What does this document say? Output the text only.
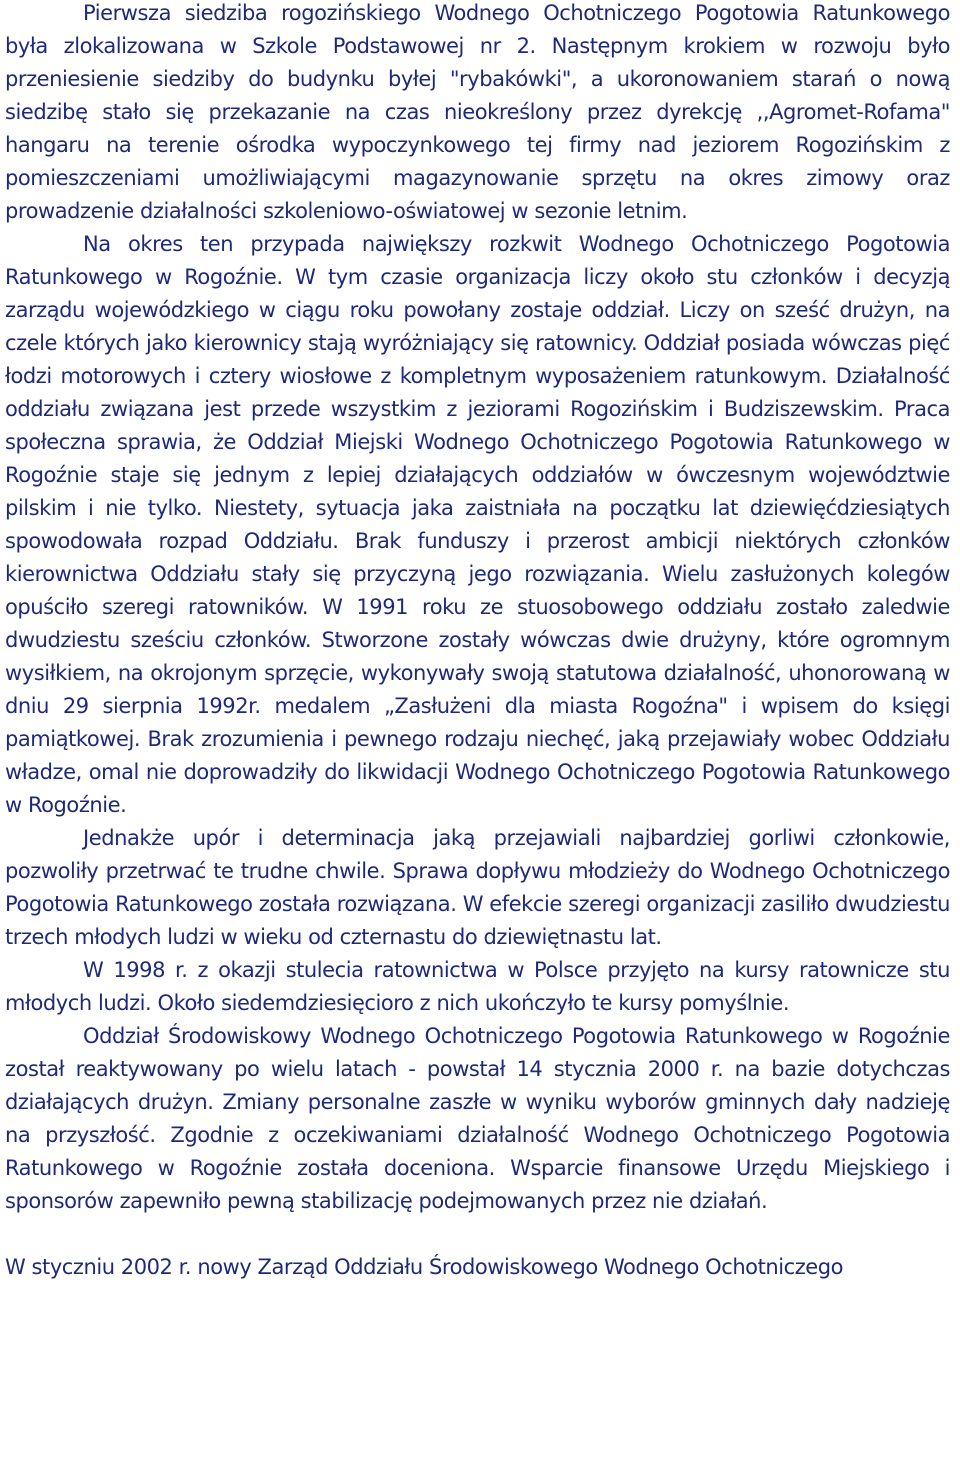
Pierwsza siedziba rogozińskiego Wodnego Ochotniczego Pogotowia Ratunkowego była zlokalizowana w Szkole Podstawowej nr 2. Następnym krokiem w rozwoju było przeniesienie siedziby do budynku byłej "rybakówki", a ukoronowaniem starań o nową siedzibę stało się przekazanie na czas nieokreślony przez dyrekcję ,,Agromet-Rofama" hangaru na terenie ośrodka wypoczynkowego tej firmy nad jeziorem Rogozińskim z pomieszczeniami umożliwiającymi magazynowanie sprzętu na okres zimowy oraz prowadzenie działalności szkoleniowo-oświatowej w sezonie letnim.

Na okres ten przypada największy rozkwit Wodnego Ochotniczego Pogotowia Ratunkowego w Rogoźnie. W tym czasie organizacja liczy około stu członków i decyzją zarządu wojewódzkiego w ciągu roku powołany zostaje oddział. Liczy on sześć drużyn, na czele których jako kierownicy stają wyróżniający się ratownicy. Oddział posiada wówczas pięć łodzi motorowych i cztery wiosłowe z kompletnym wyposażeniem ratunkowym. Działalność oddziału związana jest przede wszystkim z jeziorami Rogozińskim i Budziszewskim. Praca społeczna sprawia, że Oddział Miejski Wodnego Ochotniczego Pogotowia Ratunkowego w Rogoźnie staje się jednym z lepiej działających oddziałów w ówczesnym województwie pilskim i nie tylko. Niestety, sytuacja jaka zaistniała na początku lat dziewięćdziesiątych spowodowała rozpad Oddziału. Brak funduszy i przerost ambicji niektórych członków kierownictwa Oddziału stały się przyczyną jego rozwiązania. Wielu zasłużonych kolegów opuściło szeregi ratowników. W 1991 roku ze stuosobowego oddziału zostało zaledwie dwudziestu sześciu członków. Stworzone zostały wówczas dwie drużyny, które ogromnym wysiłkiem, na okrojonym sprzęcie, wykonywały swoją statutowa działalność, uhonorowaną w dniu 29 sierpnia 1992r. medalem „Zasłużeni dla miasta Rogoźna" i wpisem do księgi pamiątkowej. Brak zrozumienia i pewnego rodzaju niechęć, jaką przejawiały wobec Oddziału władze, omal nie doprowadziły do likwidacji Wodnego Ochotniczego Pogotowia Ratunkowego w Rogoźnie.

Jednakże upór i determinacja jaką przejawiali najbardziej gorliwi członkowie, pozwoliły przetrwać te trudne chwile. Sprawa dopływu młodzieży do Wodnego Ochotniczego Pogotowia Ratunkowego została rozwiązana. W efekcie szeregi organizacji zasiliło dwudziestu trzech młodych ludzi w wieku od czternastu do dziewiętnastu lat.

W 1998 r. z okazji stulecia ratownictwa w Polsce przyjęto na kursy ratownicze stu młodych ludzi. Około siedemdziesięcioro z nich ukończyło te kursy pomyślnie.

Oddział Środowiskowy Wodnego Ochotniczego Pogotowia Ratunkowego w Rogoźnie został reaktywowany po wielu latach - powstał 14 stycznia 2000 r. na bazie dotychczas działających drużyn. Zmiany personalne zaszłe w wyniku wyborów gminnych dały nadzieję na przyszłość. Zgodnie z oczekiwaniami działalność Wodnego Ochotniczego Pogotowia Ratunkowego w Rogoźnie została doceniona. Wsparcie finansowe Urzędu Miejskiego i sponsorów zapewniło pewną stabilizację podejmowanych przez nie działań.

W styczniu 2002 r. nowy Zarząd Oddziału Środowiskowego Wodnego Ochotniczego
